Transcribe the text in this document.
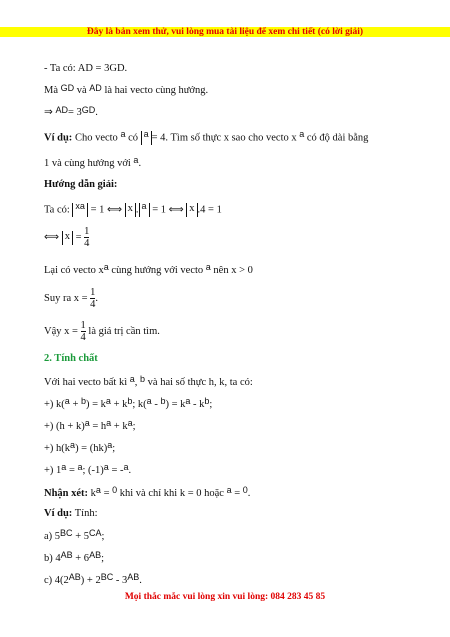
Đây là bản xem thử, vui lòng mua tài liệu để xem chi tiết (có lời giải)
- Ta có: AD = 3GD.
Mà GD và AD là hai vecto cùng hướng.
⇒ AD= 3GD.
Ví dụ: Cho vecto a có a = 4. Tìm số thực x sao cho vecto x a có độ dài bằng
1 và cùng hướng với a.
Hướng dẫn giải:
Ta có: xa = 1 ⟺ x . a = 1 ⟺ x .4 = 1
⟺ $x = \frac{1}{4}$
Lại có vecto xa cùng hướng với vecto a nên x > 0
Suy ra $x = \frac{1}{4}$ .
Vậy $x = \frac{1}{4}$ là giá trị cần tìm.
2. Tính chất
Với hai vecto bất kì a, b và hai số thực h, k, ta có:
+) k(a + b) = ka + kb; k(a - b) = ka - kb;
+) (h + k)a = ha + ka;
+) h(ka) = (hk)a;
+) 1a = a; (-1)a = -a.
Nhận xét: ka = 0 khi và chỉ khi k = 0 hoặc a = 0.
Ví dụ: Tính:
a) 5BC + 5CA;
b) 4AB + 6AB;
c) 4(2AB) + 2BC - 3AB.
Mọi thắc mắc vui lòng xin vui lòng: 084 283 45 85
